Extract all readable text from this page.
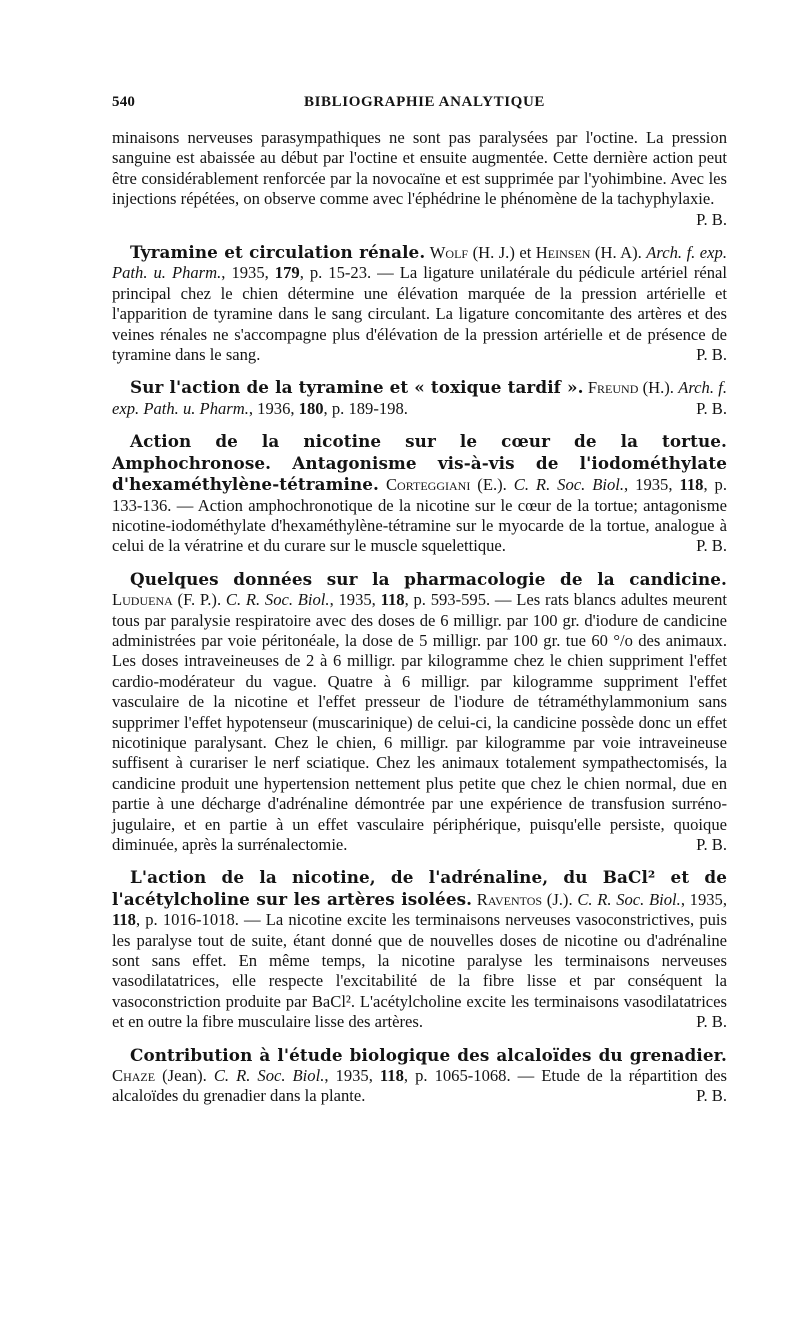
540	BIBLIOGRAPHIE ANALYTIQUE

minaisons nerveuses parasympathiques ne sont pas paralysées par l'octine. La pression sanguine est abaissée au début par l'octine et ensuite augmentée. Cette dernière action peut être considérablement renforcée par la novocaïne et est supprimée par l'yohimbine. Avec les injections répétées, on observe comme avec l'éphédrine le phénomène de la tachyphylaxie.
P. B.

Tyramine et circulation rénale. Wolf (H. J.) et Heinsen (H. A). Arch. f. exp. Path. u. Pharm., 1935, 179, p. 15-23. — La ligature unilatérale du pédicule artériel rénal principal chez le chien détermine une élévation marquée de la pression artérielle et l'apparition de tyramine dans le sang circulant. La ligature concomitante des artères et des veines rénales ne s'accompagne plus d'élévation de la pression artérielle et de présence de tyramine dans le sang.	P. B.

Sur l'action de la tyramine et « toxique tardif ». Freund (H.). Arch. f. exp. Path. u. Pharm., 1936, 180, p. 189-198.	P. B.

Action de la nicotine sur le cœur de la tortue. Amphochronose. Antagonisme vis-à-vis de l'iodométhylate d'hexaméthylène-tétramine. Corteggiani (E.). C. R. Soc. Biol., 1935, 118, p. 133-136. — Action amphochronotique de la nicotine sur le cœur de la tortue; antagonisme nicotine-iodométhylate d'hexaméthylène-tétramine sur le myocarde de la tortue, analogue à celui de la vératrine et du curare sur le muscle squelettique.	P. B.

Quelques données sur la pharmacologie de la candicine. Luduena (F. P.). C. R. Soc. Biol., 1935, 118, p. 593-595. — Les rats blancs adultes meurent tous par paralysie respiratoire avec des doses de 6 milligr. par 100 gr. d'iodure de candicine administrées par voie péritonéale, la dose de 5 milligr. par 100 gr. tue 60 °/o des animaux. Les doses intraveineuses de 2 à 6 milligr. par kilogramme chez le chien suppriment l'effet cardio-modérateur du vague. Quatre à 6 milligr. par kilogramme suppriment l'effet vasculaire de la nicotine et l'effet presseur de l'iodure de tétraméthylammonium sans supprimer l'effet hypotenseur (muscarinique) de celui-ci, la candicine possède donc un effet nicotinique paralysant. Chez le chien, 6 milligr. par kilogramme par voie intraveineuse suffisent à curariser le nerf sciatique. Chez les animaux totalement sympathectomisés, la candicine produit une hypertension nettement plus petite que chez le chien normal, due en partie à une décharge d'adrénaline démontrée par une expérience de transfusion surréno-jugulaire, et en partie à un effet vasculaire périphérique, puisqu'elle persiste, quoique diminuée, après la surrénalectomie.	P. B.

L'action de la nicotine, de l'adrénaline, du BaCl² et de l'acétylcholine sur les artères isolées. Raventos (J.). C. R. Soc. Biol., 1935, 118, p. 1016-1018. — La nicotine excite les terminaisons nerveuses vasoconstrictives, puis les paralyse tout de suite, étant donné que de nouvelles doses de nicotine ou d'adrénaline sont sans effet. En même temps, la nicotine paralyse les terminaisons nerveuses vasodilatatrices, elle respecte l'excitabilité de la fibre lisse et par conséquent la vasoconstriction produite par BaCl². L'acétylcholine excite les terminaisons vasodilatatrices et en outre la fibre musculaire lisse des artères.	P. B.

Contribution à l'étude biologique des alcaloïdes du grenadier. Chaze (Jean). C. R. Soc. Biol., 1935, 118, p. 1065-1068. — Etude de la répartition des alcaloïdes du grenadier dans la plante.	P. B.
